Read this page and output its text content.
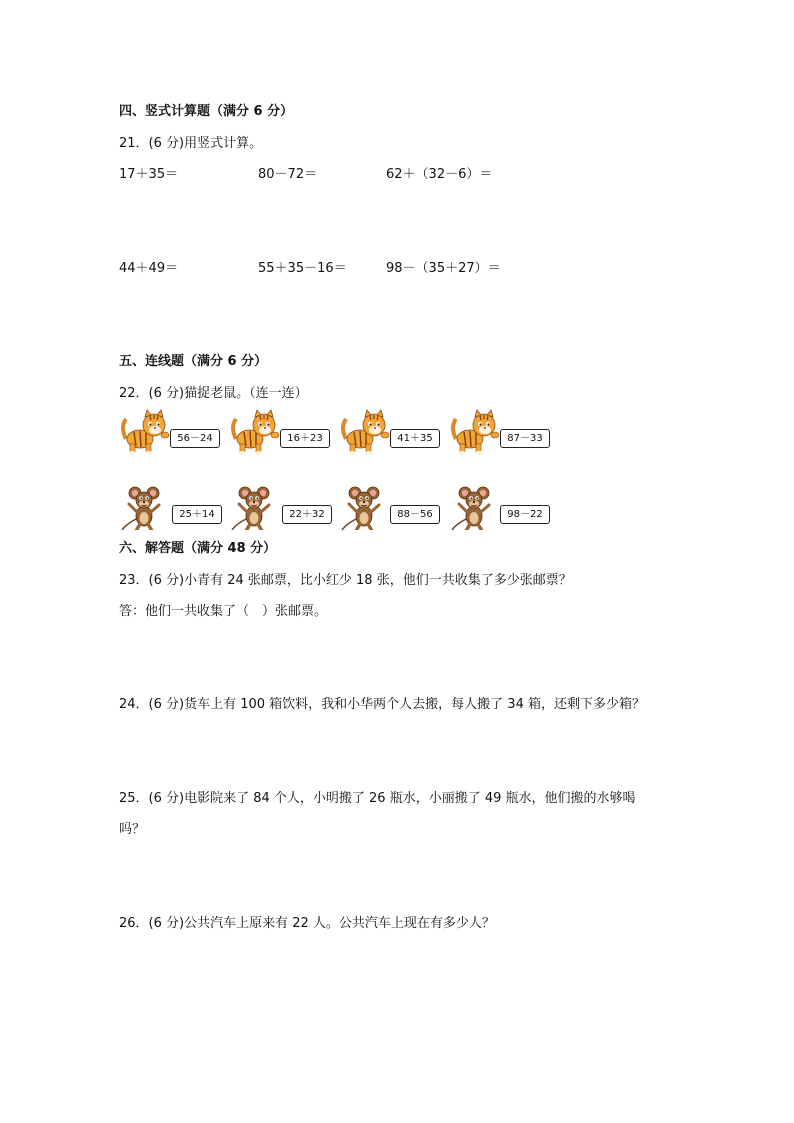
四、竖式计算题（满分 6 分）
21．(6 分)用竖式计算。
17＋35＝	80－72＝	62＋（32－6）＝
44＋49＝	55＋35－16＝	98－（35＋27）＝
五、连线题（满分 6 分）
22．(6 分)猫捉老鼠。（连一连）
56－24	16＋23	41＋35	87－33
25＋14	22＋32	88－56	98－22
六、解答题（满分 48 分）
23．(6 分)小青有 24 张邮票，比小红少 18 张，他们一共收集了多少张邮票？
答：他们一共收集了（　）张邮票。
24．(6 分)货车上有 100 箱饮料，我和小华两个人去搬，每人搬了 34 箱，还剩下多少箱？
25．(6 分)电影院来了 84 个人，小明搬了 26 瓶水，小丽搬了 49 瓶水，他们搬的水够喝
吗？
26．(6 分)公共汽车上原来有 22 人。公共汽车上现在有多少人？
